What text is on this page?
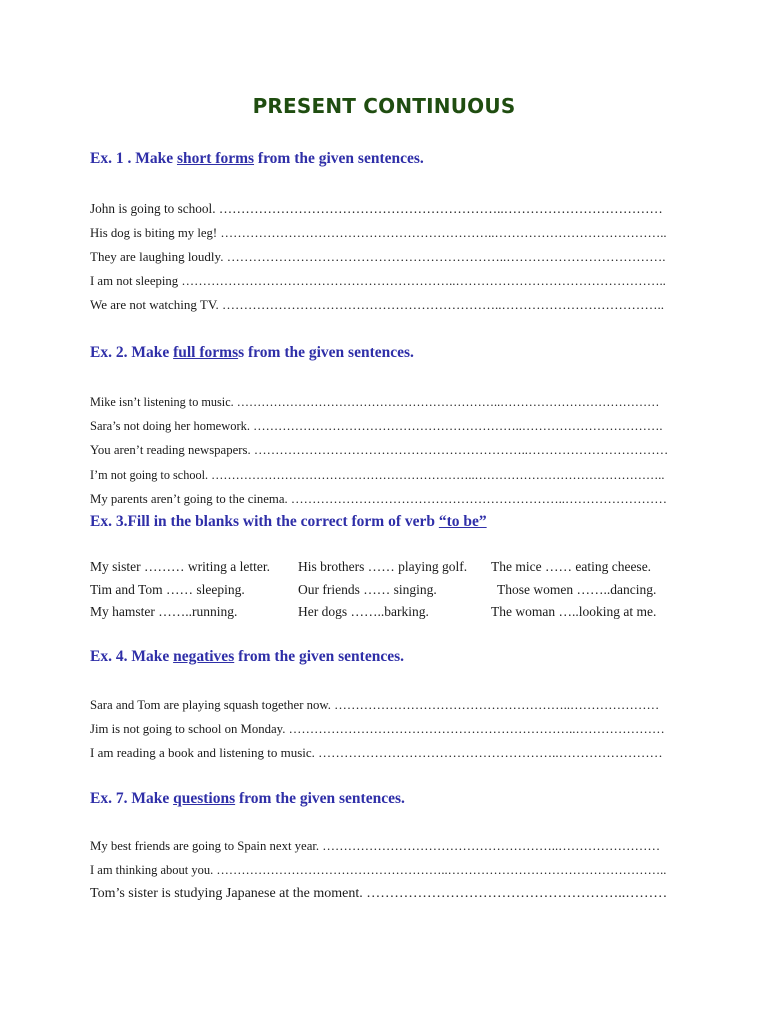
PRESENT CONTINUOUS
Ex. 1 . Make short forms from the given sentences.
John is going to school. ………………………………………………………..………………………………
His dog is biting my leg! ………………………………………………………..…………………………………..
They are laughing loudly. ………………………………………………………..……………………………….
I am not sleeping ………………………………………………………..…………………………………………..
We are not watching TV. ………………………………………………………..………………………………..
Ex. 2. Make full formss from the given sentences.
Mike isn’t listening to music. ………………………………………………………..…………………………………
Sara’s not doing her homework. ………………………………………………………..…………………………….
You aren’t reading newspapers. ………………………………………………………..……………………………
I’m not going to school. ………………………………………………………..………………………………………..
My parents aren’t going to the cinema. ………………………………………………………..……………………
Ex. 3.Fill in the blanks with the correct form of verb “to be”
My sister ……… writing a letter. His brothers …… playing golf. The mice …… eating cheese.
Tim and Tom …… sleeping.	Our friends …… singing.	Those women ……..dancing.
My hamster ……..running.	Her dogs ……..barking.	The woman …..looking at me.
Ex. 4. Make negatives from the given sentences.
Sara and Tom are playing squash together now. ………………………………………………..…………………
Jim is not going to school on Monday. …………………………………………………………..…………………
I am reading a book and listening to music. ………………………………………………..……………………
Ex. 7. Make questions from the given sentences.
My best friends are going to Spain next year. ………………………………………………..……………………
I am thinking about you. ………………………………………………..……………………………………………..
Tom’s sister is studying Japanese at the moment. ………………………………………………..………
